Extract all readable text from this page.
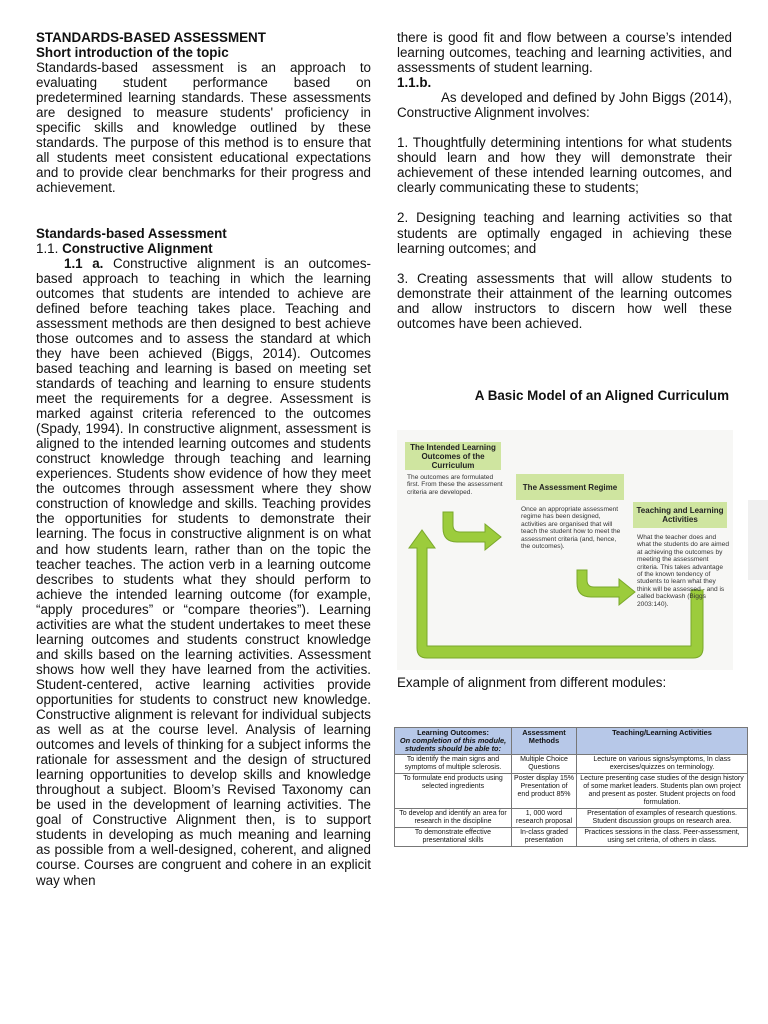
STANDARDS-BASED ASSESSMENT

Short introduction of the topic

Standards-based assessment is an approach to evaluating student performance based on predetermined learning standards. These assessments are designed to measure students' proficiency in specific skills and knowledge outlined by these standards. The purpose of this method is to ensure that all students meet consistent educational expectations and to provide clear benchmarks for their progress and achievement.

Standards-based Assessment

1.1. Constructive Alignment

1.1 a. Constructive alignment is an outcomes-based approach to teaching in which the learning outcomes that students are intended to achieve are defined before teaching takes place. Teaching and assessment methods are then designed to best achieve those outcomes and to assess the standard at which they have been achieved (Biggs, 2014). Outcomes based teaching and learning is based on meeting set standards of teaching and learning to ensure students meet the requirements for a degree. Assessment is marked against criteria referenced to the outcomes (Spady, 1994). In constructive alignment, assessment is aligned to the intended learning outcomes and students construct knowledge through teaching and learning experiences. Students show evidence of how they meet the outcomes through assessment where they show construction of knowledge and skills. Teaching provides the opportunities for students to demonstrate their learning. The focus in constructive alignment is on what and how students learn, rather than on the topic the teacher teaches. The action verb in a learning outcome describes to students what they should perform to achieve the intended learning outcome (for example, “apply procedures” or “compare theories”). Learning activities are what the student undertakes to meet these learning outcomes and students construct knowledge and skills based on the learning activities. Assessment shows how well they have learned from the activities. Student-centered, active learning activities provide opportunities for students to construct new knowledge. Constructive alignment is relevant for individual subjects as well as at the course level. Analysis of learning outcomes and levels of thinking for a subject informs the rationale for assessment and the design of structured learning opportunities to develop skills and knowledge throughout a subject. Bloom’s Revised Taxonomy can be used in the development of learning activities. The goal of Constructive Alignment then, is to support students in developing as much meaning and learning as possible from a well-designed, coherent, and aligned course. Courses are congruent and cohere in an explicit way when

there is good fit and flow between a course’s intended learning outcomes, teaching and learning activities, and assessments of student learning.

1.1.b.

As developed and defined by John Biggs (2014), Constructive Alignment involves:

1. Thoughtfully determining intentions for what students should learn and how they will demonstrate their achievement of these intended learning outcomes, and clearly communicating these to students;

2. Designing teaching and learning activities so that students are optimally engaged in achieving these learning outcomes; and

3. Creating assessments that will allow students to demonstrate their attainment of the learning outcomes and allow instructors to discern how well these outcomes have been achieved.

A Basic Model of an Aligned Curriculum
The Intended Learning Outcomes of the Curriculum
The outcomes are formulated first. From these the assessment criteria are developed.
The Assessment Regime
Once an appropriate assessment regime has been designed, activities are organised that will teach the student how to meet the assessment criteria (and, hence, the outcomes).
Teaching and Learning Activities
What the teacher does and what the students do are aimed at achieving the outcomes by meeting the assessment criteria. This takes advantage of the known tendency of students to learn what they think will be assessed - and is called backwash (Biggs 2003:140).
Example of alignment from different modules:
Learning Outcomes:
On completion of this module, students should be able to:	Assessment Methods	Teaching/Learning Activities
To identify the main signs and symptoms of multiple sclerosis.	Multiple Choice Questions	Lecture on various signs/symptoms, In class exercises/quizzes on terminology.
To formulate end products using selected ingredients	Poster display 15% Presentation of end product 85%	Lecture presenting case studies of the design history of some market leaders. Students plan own project and present as poster. Student projects on food formulation.
To develop and identify an area for research in the discipline	1, 000 word research proposal	Presentation of examples of research questions. Student discussion groups on research area.
To demonstrate effective presentational skills	In-class graded presentation	Practices sessions in the class. Peer-assessment, using set criteria, of others in class.
